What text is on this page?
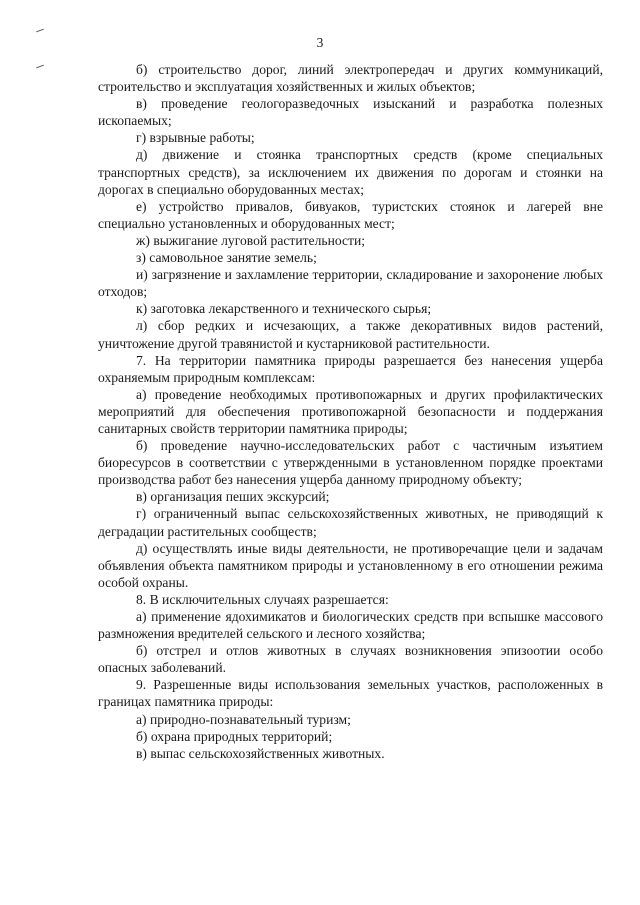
3

б) строительство дорог, линий электропередач и других коммуникаций, строительство и эксплуатация хозяйственных и жилых объектов;

в) проведение геологоразведочных изысканий и разработка полезных ископаемых;

г) взрывные работы;

д) движение и стоянка транспортных средств (кроме специальных транспортных средств), за исключением их движения по дорогам и стоянки на дорогах в специально оборудованных местах;

е) устройство привалов, бивуаков, туристских стоянок и лагерей вне специально установленных и оборудованных мест;

ж) выжигание луговой растительности;

з) самовольное занятие земель;

и) загрязнение и захламление территории, складирование и захоронение любых отходов;

к) заготовка лекарственного и технического сырья;

л) сбор редких и исчезающих, а также декоративных видов растений, уничтожение другой травянистой и кустарниковой растительности.

7. На территории памятника природы разрешается без нанесения ущерба охраняемым природным комплексам:

а) проведение необходимых противопожарных и других профилактических мероприятий для обеспечения противопожарной безопасности и поддержания санитарных свойств территории памятника природы;

б) проведение научно-исследовательских работ с частичным изъятием биоресурсов в соответствии с утвержденными в установленном порядке проектами производства работ без нанесения ущерба данному природному объекту;

в) организация пеших экскурсий;

г) ограниченный выпас сельскохозяйственных животных, не приводящий к деградации растительных сообществ;

д) осуществлять иные виды деятельности, не противоречащие цели и задачам объявления объекта памятником природы и установленному в его отношении режима особой охраны.

8. В исключительных случаях разрешается:

а) применение ядохимикатов и биологических средств при вспышке массового размножения вредителей сельского и лесного хозяйства;

б) отстрел и отлов животных в случаях возникновения эпизоотии особо опасных заболеваний.

9. Разрешенные виды использования земельных участков, расположенных в границах памятника природы:

а) природно-познавательный туризм;

б) охрана природных территорий;

в) выпас сельскохозяйственных животных.
